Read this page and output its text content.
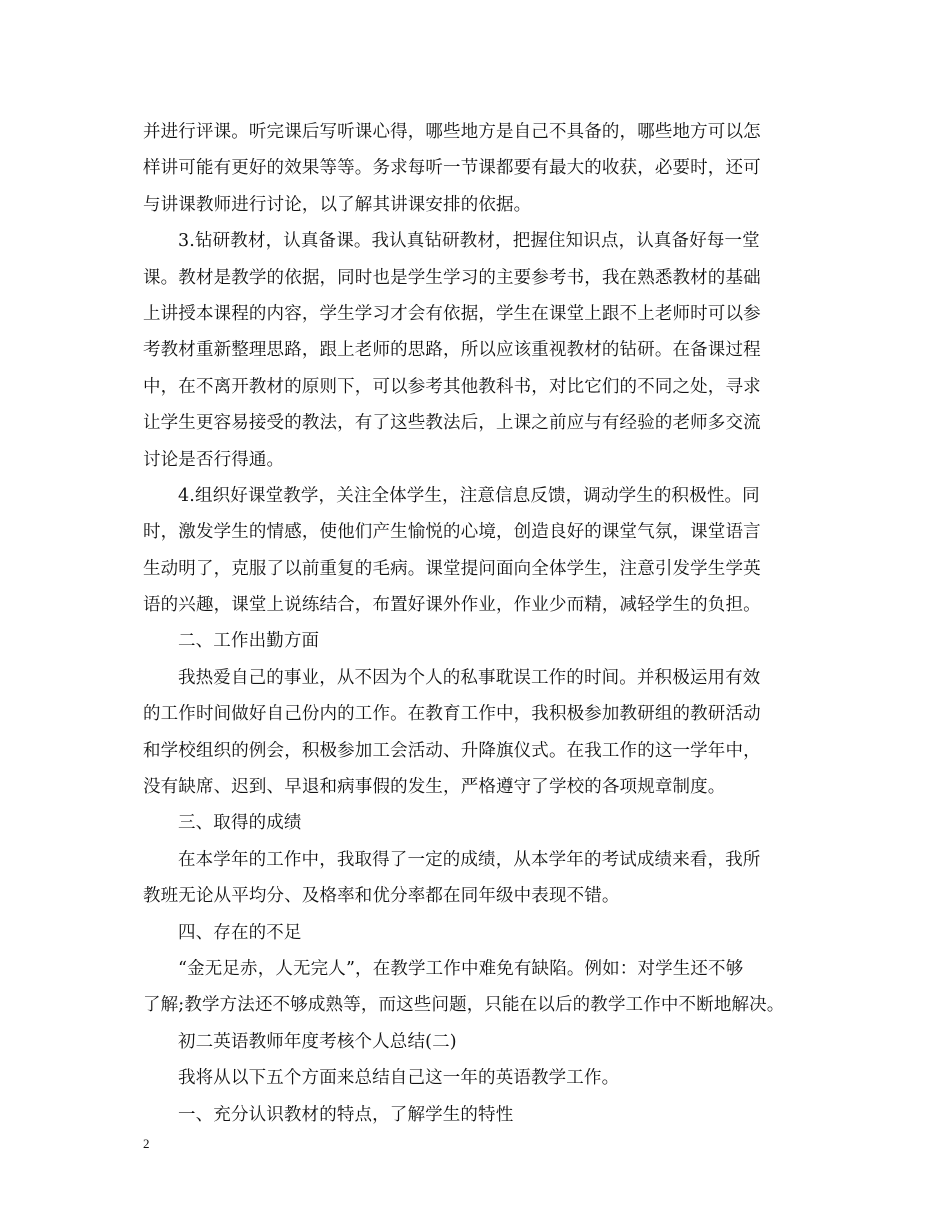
并进行评课。听完课后写听课心得，哪些地方是自己不具备的，哪些地方可以怎
样讲可能有更好的效果等等。务求每听一节课都要有最大的收获，必要时，还可
与讲课教师进行讨论，以了解其讲课安排的依据。
3.钻研教材，认真备课。我认真钻研教材，把握住知识点，认真备好每一堂
课。教材是教学的依据，同时也是学生学习的主要参考书，我在熟悉教材的基础
上讲授本课程的内容，学生学习才会有依据，学生在课堂上跟不上老师时可以参
考教材重新整理思路，跟上老师的思路，所以应该重视教材的钻研。在备课过程
中，在不离开教材的原则下，可以参考其他教科书，对比它们的不同之处，寻求
让学生更容易接受的教法，有了这些教法后，上课之前应与有经验的老师多交流
讨论是否行得通。
4.组织好课堂教学，关注全体学生，注意信息反馈，调动学生的积极性。同
时，激发学生的情感，使他们产生愉悦的心境，创造良好的课堂气氛，课堂语言
生动明了，克服了以前重复的毛病。课堂提问面向全体学生，注意引发学生学英
语的兴趣，课堂上说练结合，布置好课外作业，作业少而精，减轻学生的负担。
二、工作出勤方面
我热爱自己的事业，从不因为个人的私事耽误工作的时间。并积极运用有效
的工作时间做好自己份内的工作。在教育工作中，我积极参加教研组的教研活动
和学校组织的例会，积极参加工会活动、升降旗仪式。在我工作的这一学年中，
没有缺席、迟到、早退和病事假的发生，严格遵守了学校的各项规章制度。
三、取得的成绩
在本学年的工作中，我取得了一定的成绩，从本学年的考试成绩来看，我所
教班无论从平均分、及格率和优分率都在同年级中表现不错。
四、存在的不足
“金无足赤，人无完人”，在教学工作中难免有缺陷。例如：对学生还不够
了解;教学方法还不够成熟等，而这些问题，只能在以后的教学工作中不断地解决。
初二英语教师年度考核个人总结(二)
我将从以下五个方面来总结自己这一年的英语教学工作。
一、充分认识教材的特点，了解学生的特性
2
